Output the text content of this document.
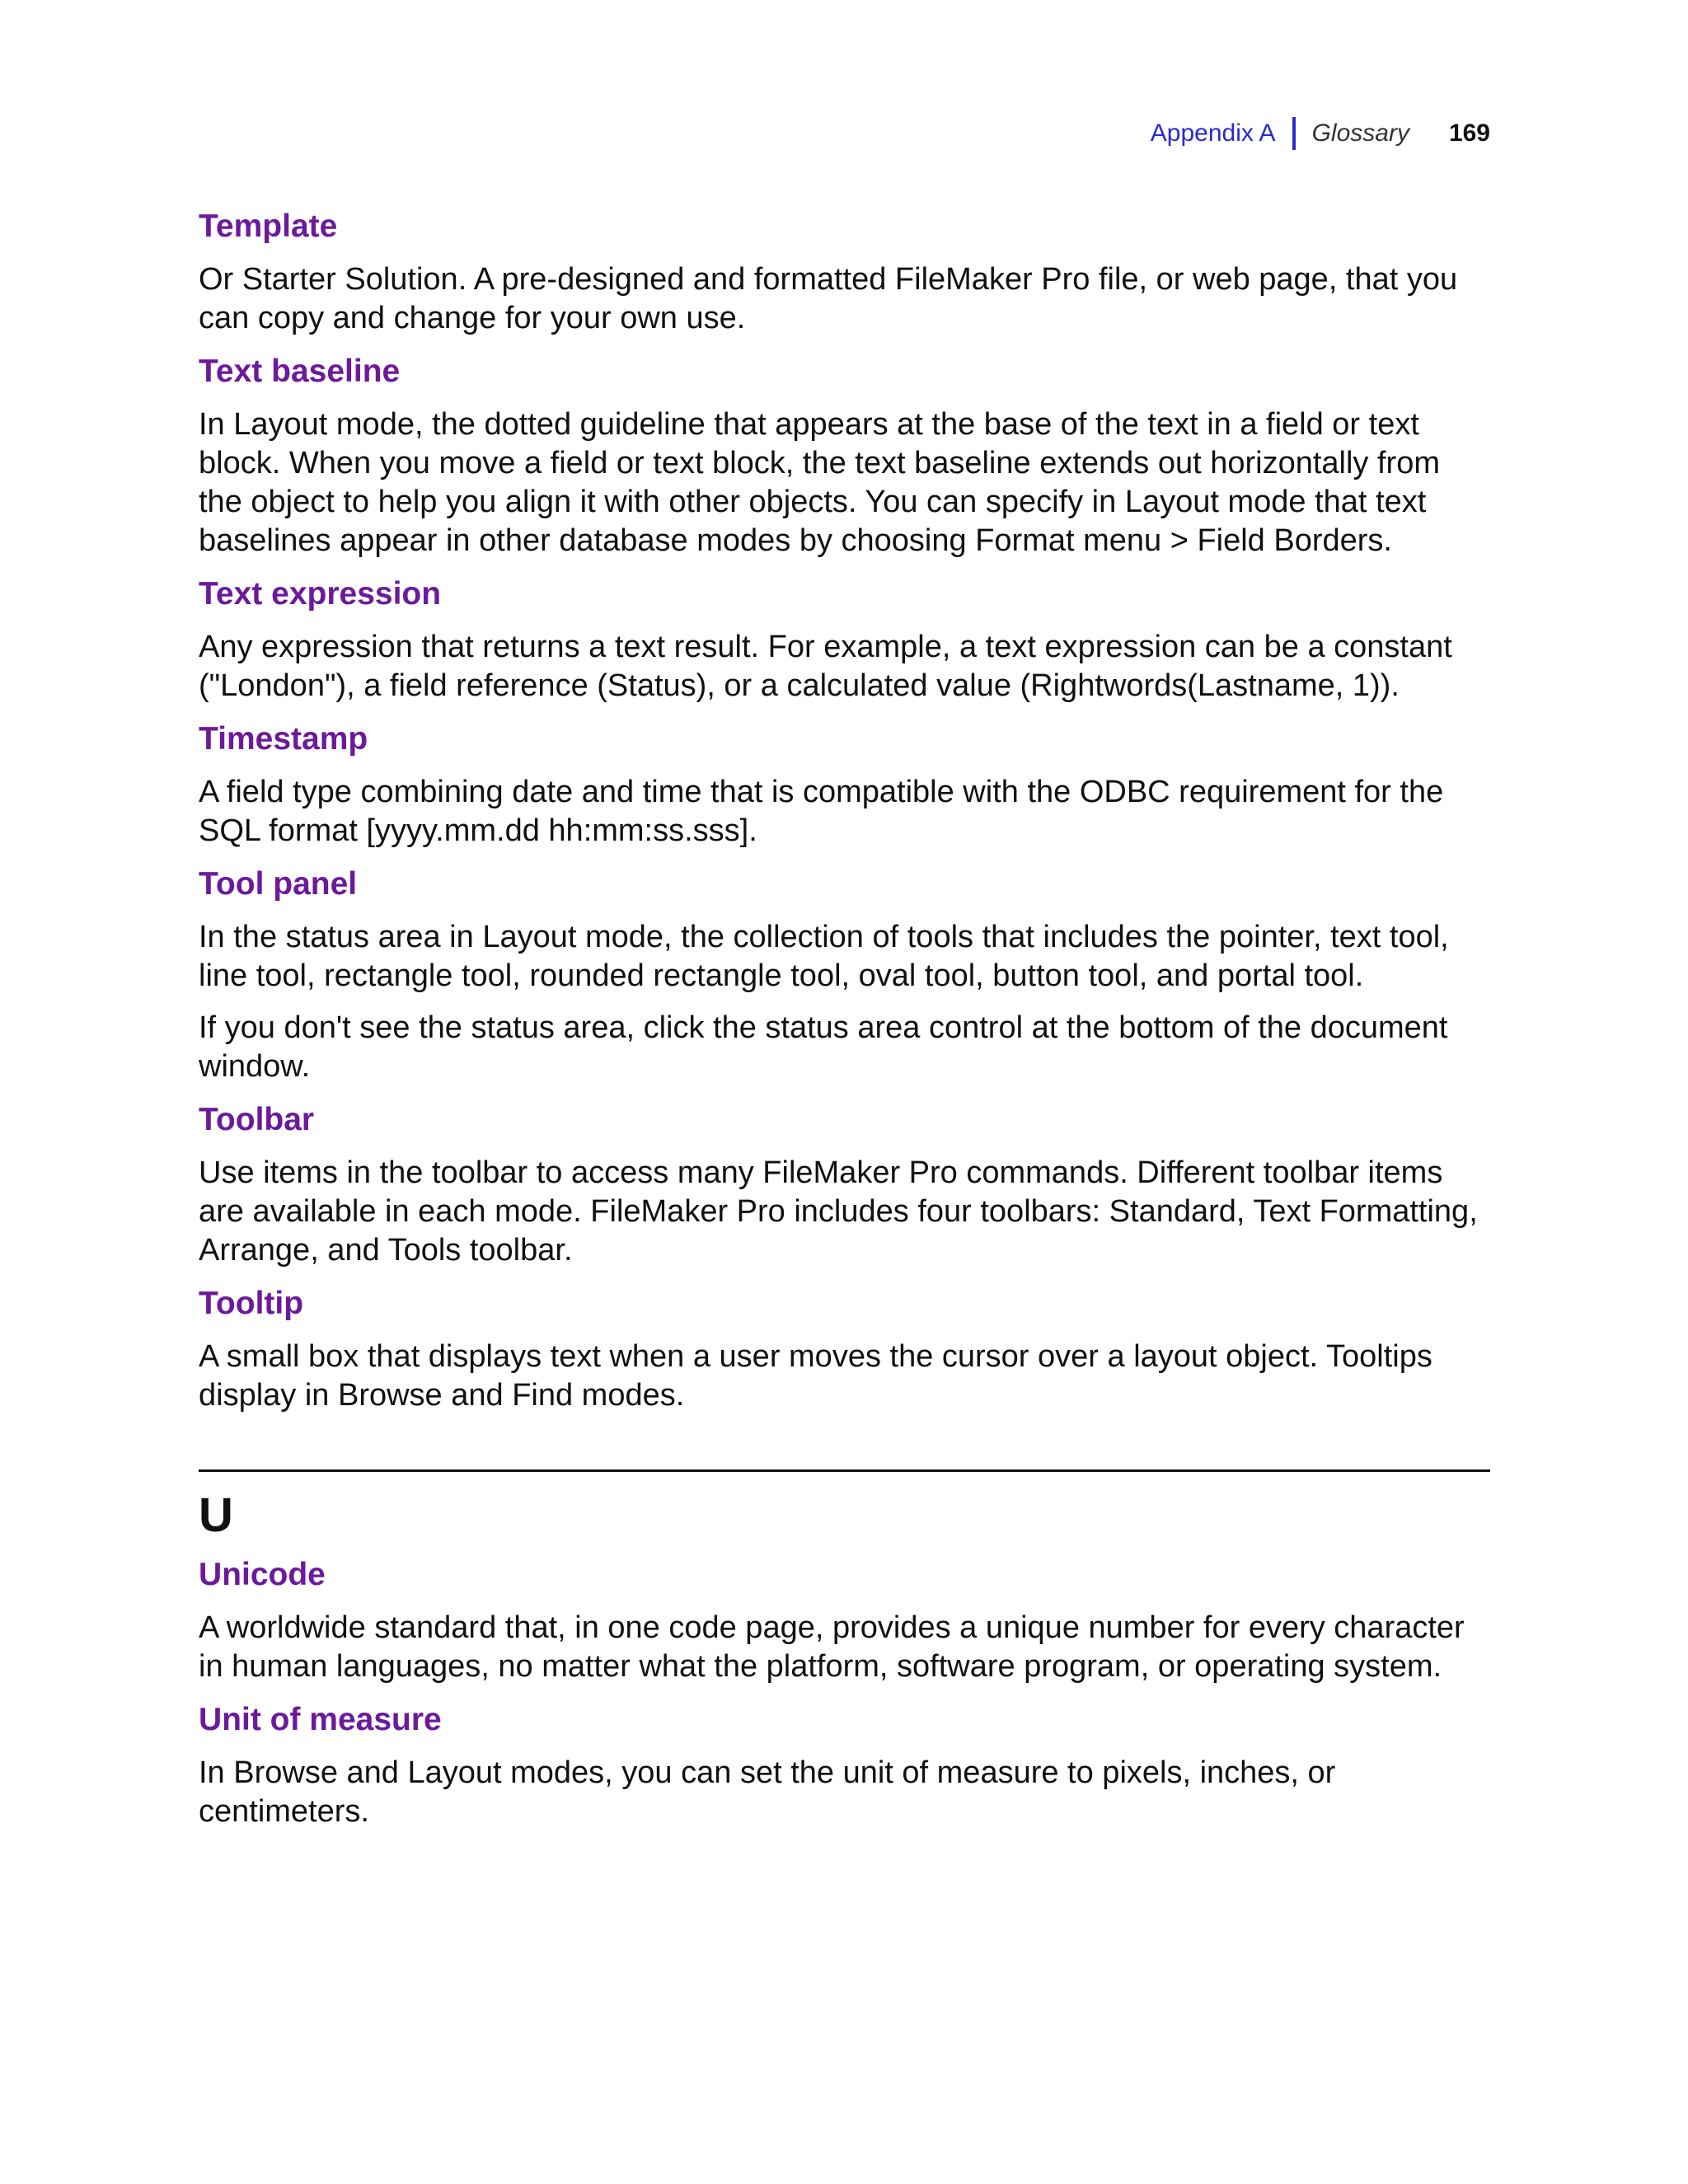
Appendix A Glossary 169
Template

Or Starter Solution. A pre-designed and formatted FileMaker Pro file, or web page, that you can copy and change for your own use.

Text baseline

In Layout mode, the dotted guideline that appears at the base of the text in a field or text block. When you move a field or text block, the text baseline extends out horizontally from the object to help you align it with other objects. You can specify in Layout mode that text baselines appear in other database modes by choosing Format menu > Field Borders.

Text expression

Any expression that returns a text result. For example, a text expression can be a constant ("London"), a field reference (Status), or a calculated value (Rightwords(Lastname, 1)).

Timestamp

A field type combining date and time that is compatible with the ODBC requirement for the SQL format [yyyy.mm.dd hh:mm:ss.sss].

Tool panel

In the status area in Layout mode, the collection of tools that includes the pointer, text tool, line tool, rectangle tool, rounded rectangle tool, oval tool, button tool, and portal tool.

If you don't see the status area, click the status area control at the bottom of the document window.

Toolbar

Use items in the toolbar to access many FileMaker Pro commands. Different toolbar items are available in each mode. FileMaker Pro includes four toolbars: Standard, Text Formatting, Arrange, and Tools toolbar.

Tooltip

A small box that displays text when a user moves the cursor over a layout object. Tooltips display in Browse and Find modes.

U
Unicode

A worldwide standard that, in one code page, provides a unique number for every character in human languages, no matter what the platform, software program, or operating system.

Unit of measure

In Browse and Layout modes, you can set the unit of measure to pixels, inches, or centimeters.
